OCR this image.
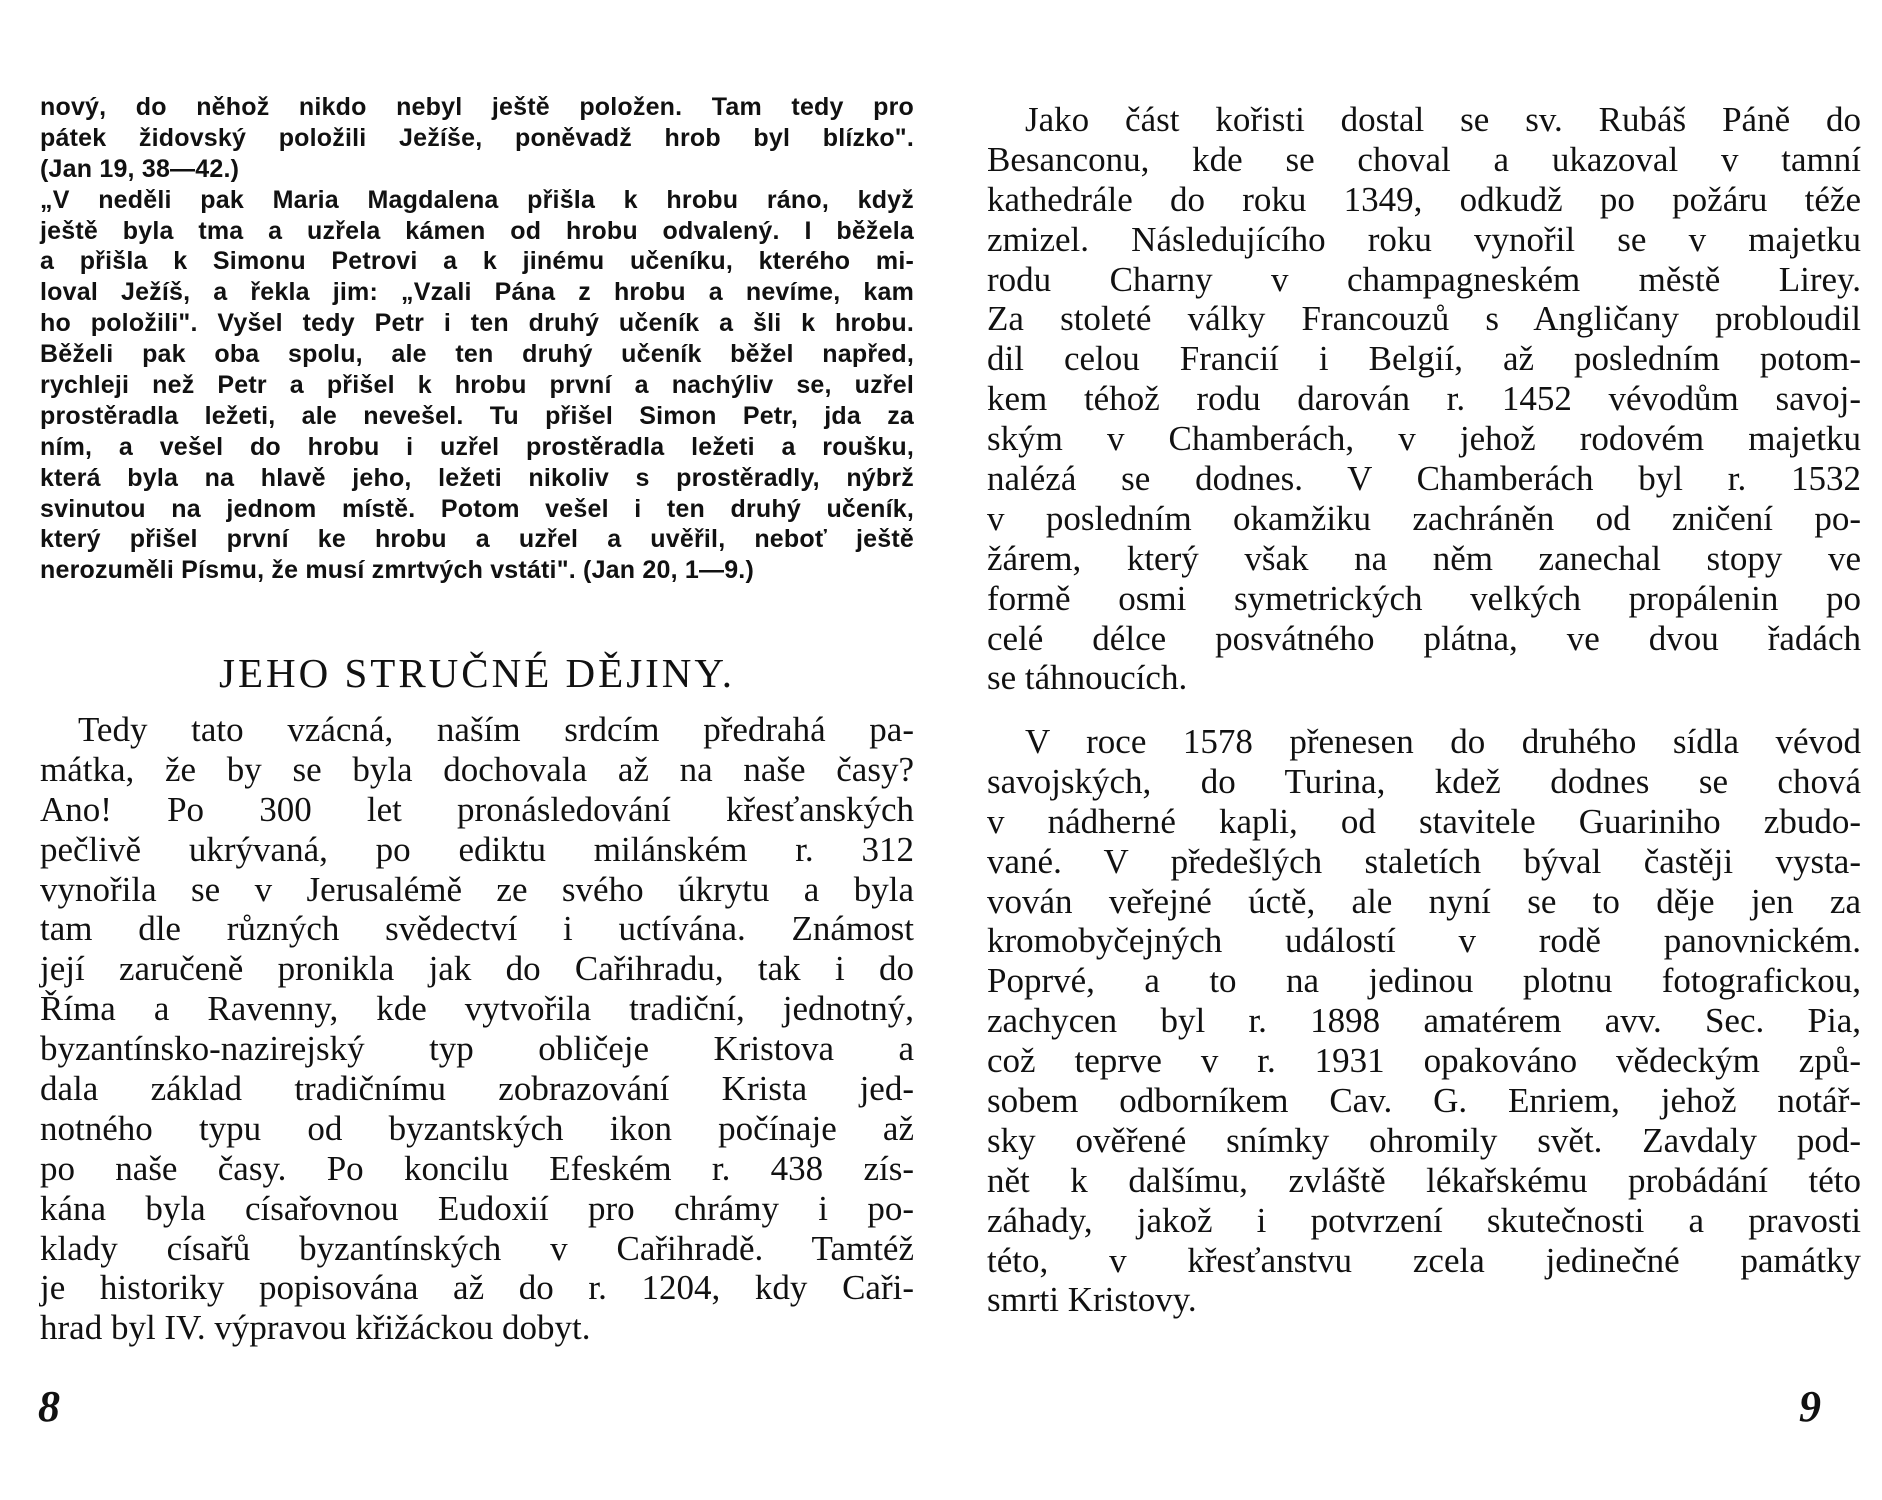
nový, do něhož nikdo nebyl ještě položen. Tam tedy pro
pátek židovský položili Ježíše, poněvadž hrob byl blízko".
(Jan 19, 38—42.)
„V neděli pak Maria Magdalena přišla k hrobu ráno, když
ještě byla tma a uzřela kámen od hrobu odvalený. I běžela
a přišla k Simonu Petrovi a k jinému učeníku, kterého mi-
loval Ježíš, a řekla jim: „Vzali Pána z hrobu a nevíme, kam
ho položili". Vyšel tedy Petr i ten druhý učeník a šli k hrobu.
Běželi pak oba spolu, ale ten druhý učeník běžel napřed,
rychleji než Petr a přišel k hrobu první a nachýliv se, uzřel
prostěradla ležeti, ale nevešel. Tu přišel Simon Petr, jda za
ním, a vešel do hrobu i uzřel prostěradla ležeti a roušku,
která byla na hlavě jeho, ležeti nikoliv s prostěradly, nýbrž
svinutou na jednom místě. Potom vešel i ten druhý učeník,
který přišel první ke hrobu a uzřel a uvěřil, neboť ještě
nerozuměli Písmu, že musí zmrtvých vstáti". (Jan 20, 1—9.)
JEHO STRUČNÉ DĚJINY.
Tedy tato vzácná, naším srdcím předrahá pa-
mátka, že by se byla dochovala až na naše časy?
Ano! Po 300 let pronásledování křesťanských
pečlivě ukrývaná, po ediktu milánském r. 312
vynořila se v Jerusalémě ze svého úkrytu a byla
tam dle různých svědectví i uctívána. Známost
její zaručeně pronikla jak do Cařihradu, tak i do
Říma a Ravenny, kde vytvořila tradiční, jednotný,
byzantínsko-nazirejský typ obličeje Kristova a
dala základ tradičnímu zobrazování Krista jed-
notného typu od byzantských ikon počínaje až
po naše časy. Po koncilu Efeském r. 438 zís-
kána byla císařovnou Eudoxií pro chrámy i po-
klady císařů byzantínských v Cařihradě. Tamtéž
je historiky popisována až do r. 1204, kdy Caři-
hrad byl IV. výpravou křižáckou dobyt.
8
Jako část kořisti dostal se sv. Rubáš Páně do
Besanconu, kde se choval a ukazoval v tamní
kathedrále do roku 1349, odkudž po požáru téže
zmizel. Následujícího roku vynořil se v majetku
rodu Charny v champagneském městě Lirey.
Za stoleté války Francouzů s Angličany probloudil
dil celou Francií i Belgií, až posledním potom-
kem téhož rodu darován r. 1452 vévodům savoj-
ským v Chamberách, v jehož rodovém majetku
nalézá se dodnes. V Chamberách byl r. 1532
v posledním okamžiku zachráněn od zničení po-
žárem, který však na něm zanechal stopy ve
formě osmi symetrických velkých propálenin po
celé délce posvátného plátna, ve dvou řadách
se táhnoucích.
V roce 1578 přenesen do druhého sídla vévod
savojských, do Turina, kdež dodnes se chová
v nádherné kapli, od stavitele Guariniho zbudo-
vané. V předešlých staletích býval častěji vysta-
vován veřejné úctě, ale nyní se to děje jen za
kromobyčejných událostí v rodě panovnickém.
Poprvé, a to na jedinou plotnu fotografickou,
zachycen byl r. 1898 amatérem avv. Sec. Pia,
což teprve v r. 1931 opakováno vědeckým způ-
sobem odborníkem Cav. G. Enriem, jehož notář-
sky ověřené snímky ohromily svět. Zavdaly pod-
nět k dalšímu, zvláště lékařskému probádání této
záhady, jakož i potvrzení skutečnosti a pravosti
této, v křesťanstvu zcela jedinečné památky
smrti Kristovy.
9
